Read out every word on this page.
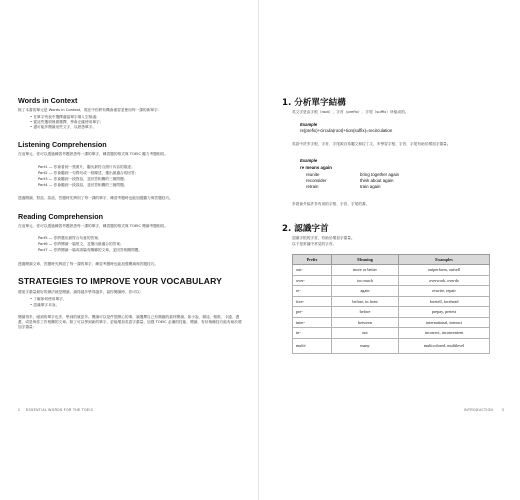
Words in Context
除了本書的單元是 Words in Context，現在中你將有機會複習並使用每一課的新單字：
• 在單字列表中選擇適當單字填入空格處；
• 從這些選項裡做選擇，學會正確使用單字；
• 盡可能多閱讀這些文字，以熟悉單字。
Listening Comprehension
在這單元，你可以透過練習考題熟悉每一課的單字，練習題的格式與 TOEIC 聽力考題相同。
Part1 — 你會看到一張照片，聽出最符合照片內容的描述；
Part2 — 你會聽到一句問句或一段陳述，選出最適合的回答；
Part3 — 你會聽到一段對話，並回答相關的三個問題；
Part4 — 你會聽到一段談話，並回答相關的三個問題。
透過閱讀、對話、談話，答題時先辨別了每一課的單字，練習考題時也能加強聽力與答題技巧。
Reading Comprehension
在這單元，你可以透過練習考題熟悉每一課的單字，練習題的格式與 TOEIC 閱讀考題相同。
Part5 — 你將選出最符合句意的答案；
Part6 — 你將閱讀一篇短文，並選出最適合的答案；
Part7 — 你將閱讀一篇或兩篇有關聯的文章，並回答相關問題。
透過閱讀文章，答題時先辨認了每一課的單字，練習考題時也能加強閱讀與答題技巧。
STRATEGIES TO IMPROVE YOUR VOCABULARY
增加字彙量最好的辦法就是閱讀，讀得越多學得越多，當你閱讀時，你可以：
• 了解如何使用單字，
• 認識單字本身。
閱讀得多，碰到的單字也多，學到的就更多。閱讀可以是件很開心的事，讀選擇自己有興趣的素材閱讀，如小說、雜誌、報紙、卡通、漫畫、或是與你工作相關的文章。除了可以學到新的單字，更能增加英語字彙量。加強 TOEIC 必備的技能、閱讀，有好幾種技巧能有助於增加字彙量：
2 ESSENTIAL WORDS FOR THE TOEIC
1. 分析單字結構
英文字是由字根（root）、字首（prefix）、字尾（suffix）所組成的。
Example
re(prefix)+circula(root)+tion(suffix)=recirculation
英語中許多字根、字首、字尾源自希臘文和拉丁文，多學習字根、字首、字尾有助於增加字彙量。
Example
re means again
reunite	bring together again
reconsider	think about again
retrain	train again
多看會介紹許多有用的字根、字首、字尾的書。
2. 認識字首
認識字根的字首，有助於增加字彙量。
以下是常識中常見的字首。
Prefix	Meaning	Examples
out-	more or better	outperform, outsell
over-	too much	overwork, overdo
re-	again	rewrite, repair
fore-	before, in front	foretell, forehead
pre-	before	prepay, pretest
inter-	between	international, interact
in-	not	incorrect, inconvenient
multi-	many	multicolored, multilevel
INTRODUCTION	3
